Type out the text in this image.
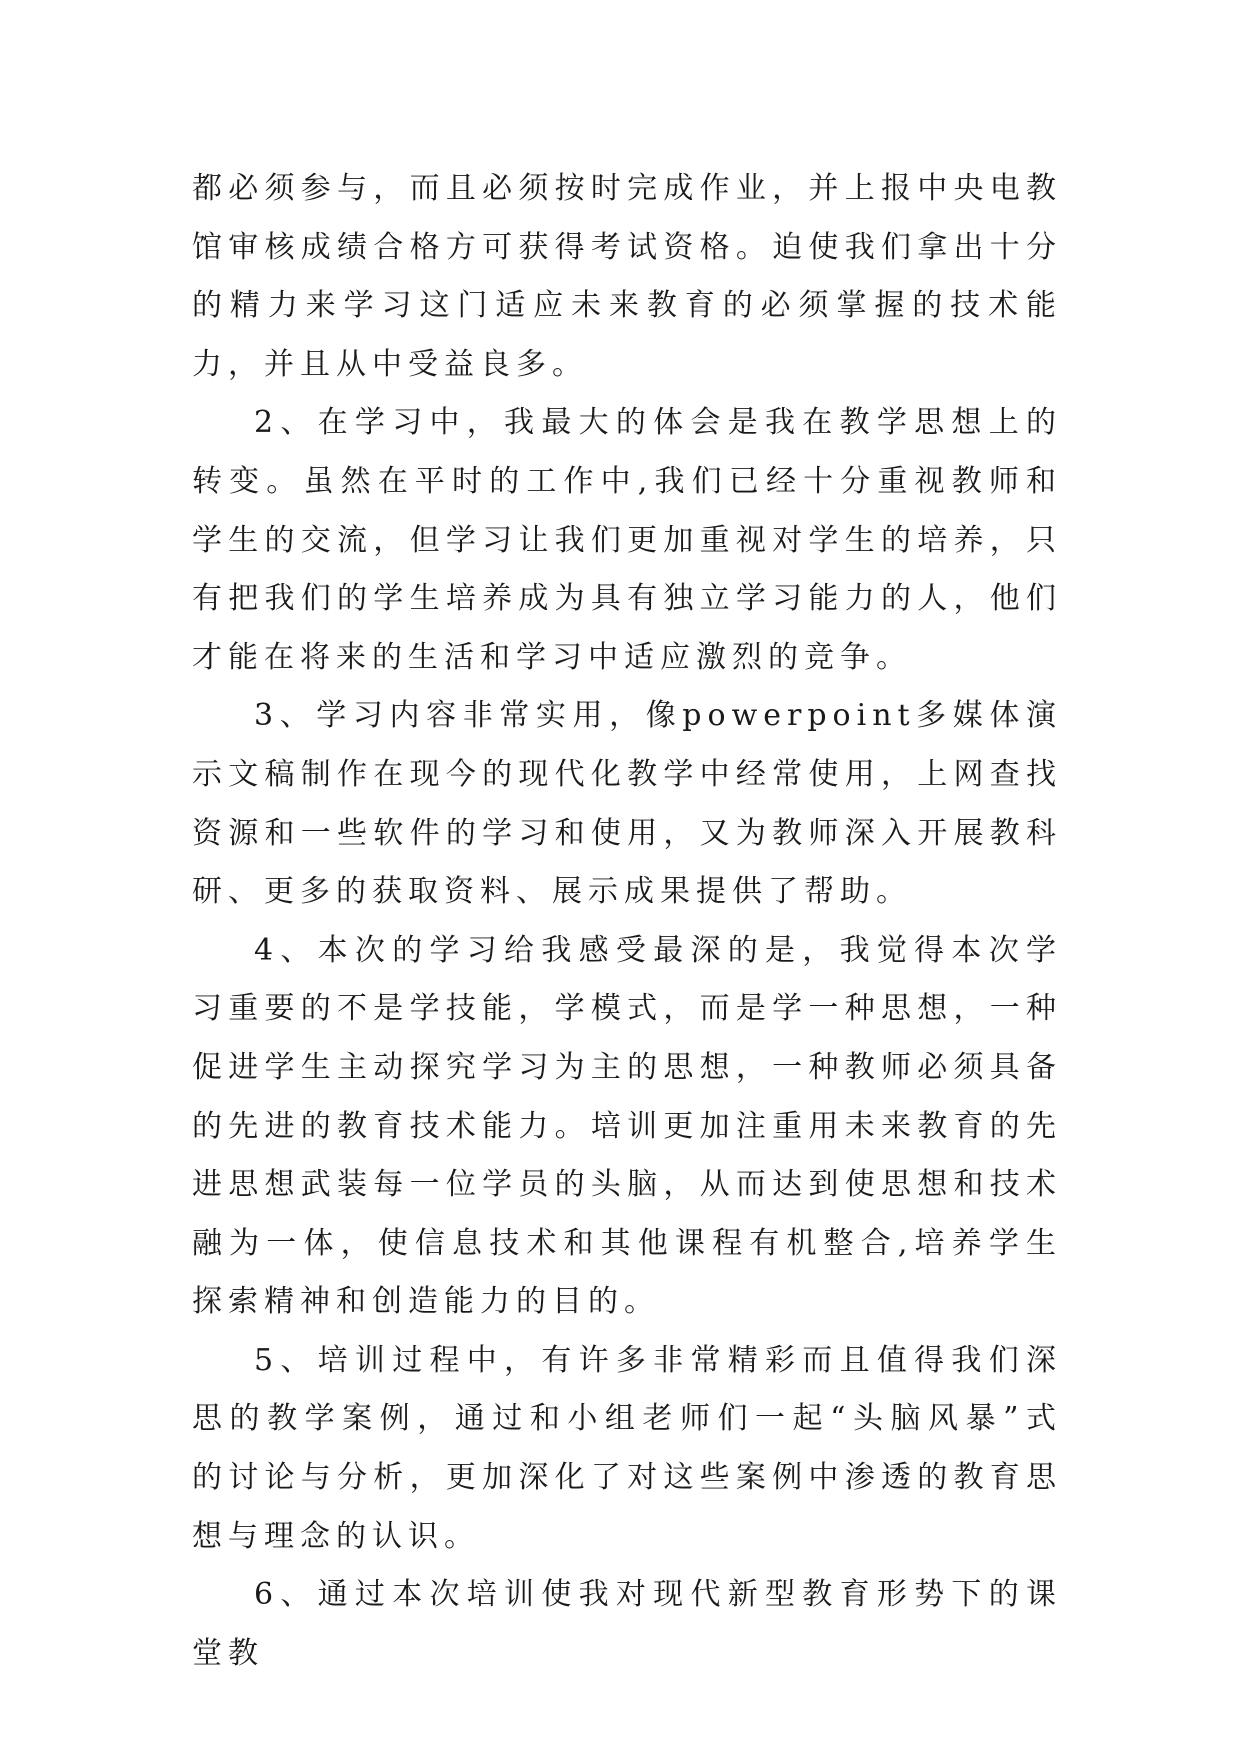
都必须参与，而且必须按时完成作业，并上报中央电教馆审核成绩合格方可获得考试资格。迫使我们拿出十分的精力来学习这门适应未来教育的必须掌握的技术能力，并且从中受益良多。

2、在学习中，我最大的体会是我在教学思想上的转变。虽然在平时的工作中,我们已经十分重视教师和学生的交流，但学习让我们更加重视对学生的培养，只有把我们的学生培养成为具有独立学习能力的人，他们才能在将来的生活和学习中适应激烈的竞争。

3、学习内容非常实用，像powerpoint多媒体演示文稿制作在现今的现代化教学中经常使用，上网查找资源和一些软件的学习和使用，又为教师深入开展教科研、更多的获取资料、展示成果提供了帮助。

4、本次的学习给我感受最深的是，我觉得本次学习重要的不是学技能，学模式，而是学一种思想，一种促进学生主动探究学习为主的思想，一种教师必须具备的先进的教育技术能力。培训更加注重用未来教育的先进思想武装每一位学员的头脑，从而达到使思想和技术融为一体，使信息技术和其他课程有机整合,培养学生探索精神和创造能力的目的。

5、培训过程中，有许多非常精彩而且值得我们深思的教学案例，通过和小组老师们一起“头脑风暴”式的讨论与分析，更加深化了对这些案例中渗透的教育思想与理念的认识。

6、通过本次培训使我对现代新型教育形势下的课堂教
